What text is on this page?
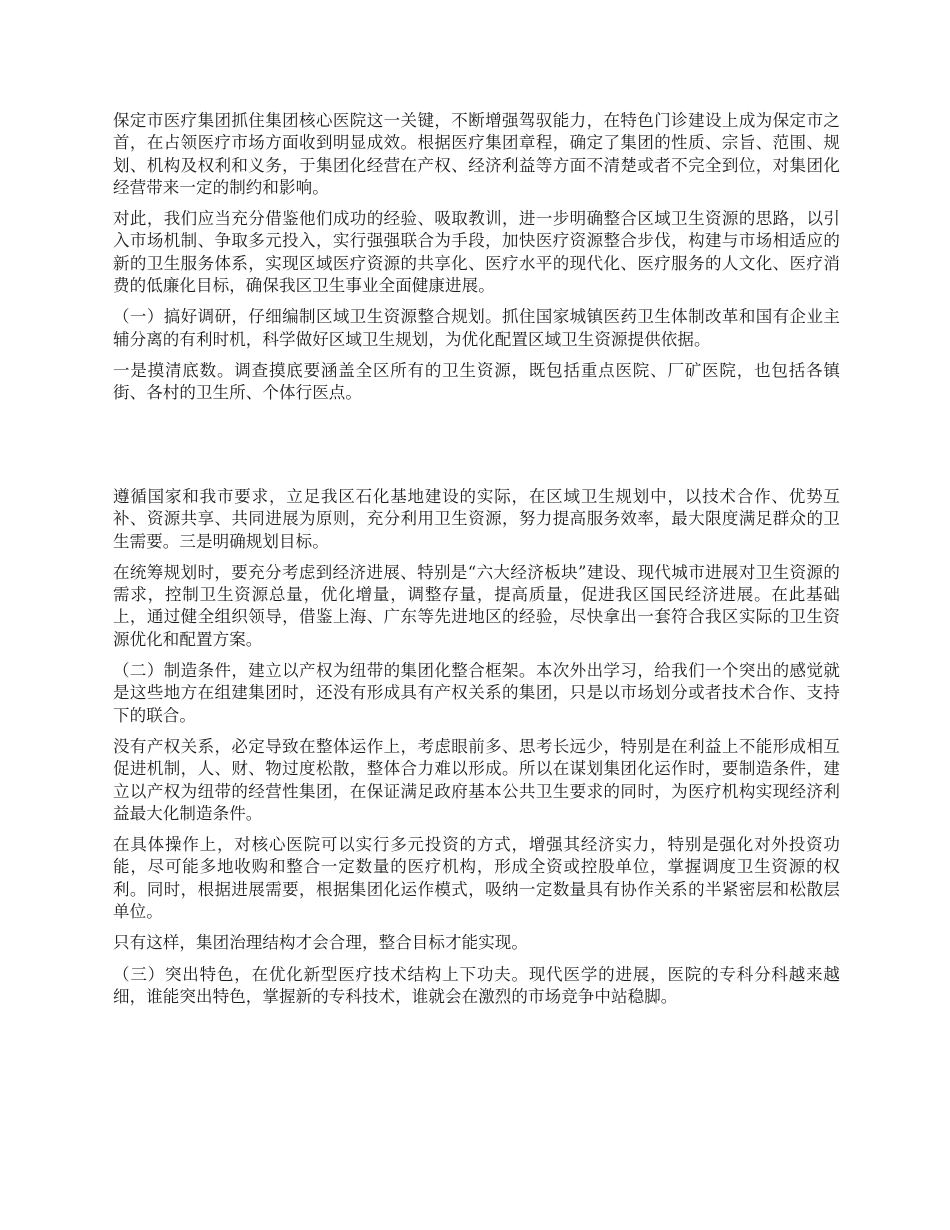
保定市医疗集团抓住集团核心医院这一关键，不断增强驾驭能力，在特色门诊建设上成为保定市之首，在占领医疗市场方面收到明显成效。根据医疗集团章程，确定了集团的性质、宗旨、范围、规划、机构及权利和义务，于集团化经营在产权、经济利益等方面不清楚或者不完全到位，对集团化经营带来一定的制约和影响。

对此，我们应当充分借鉴他们成功的经验、吸取教训，进一步明确整合区域卫生资源的思路，以引入市场机制、争取多元投入，实行强强联合为手段，加快医疗资源整合步伐，构建与市场相适应的新的卫生服务体系，实现区域医疗资源的共享化、医疗水平的现代化、医疗服务的人文化、医疗消费的低廉化目标，确保我区卫生事业全面健康进展。

（一）搞好调研，仔细编制区域卫生资源整合规划。抓住国家城镇医药卫生体制改革和国有企业主辅分离的有利时机，科学做好区域卫生规划，为优化配置区域卫生资源提供依据。

一是摸清底数。调查摸底要涵盖全区所有的卫生资源，既包括重点医院、厂矿医院，也包括各镇街、各村的卫生所、个体行医点。

遵循国家和我市要求，立足我区石化基地建设的实际，在区域卫生规划中，以技术合作、优势互补、资源共享、共同进展为原则，充分利用卫生资源，努力提高服务效率，最大限度满足群众的卫生需要。三是明确规划目标。

在统筹规划时，要充分考虑到经济进展、特别是“六大经济板块”建设、现代城市进展对卫生资源的需求，控制卫生资源总量，优化增量，调整存量，提高质量，促进我区国民经济进展。在此基础上，通过健全组织领导，借鉴上海、广东等先进地区的经验，尽快拿出一套符合我区实际的卫生资源优化和配置方案。

（二）制造条件，建立以产权为纽带的集团化整合框架。本次外出学习，给我们一个突出的感觉就是这些地方在组建集团时，还没有形成具有产权关系的集团，只是以市场划分或者技术合作、支持下的联合。

没有产权关系，必定导致在整体运作上，考虑眼前多、思考长远少，特别是在利益上不能形成相互促进机制，人、财、物过度松散，整体合力难以形成。所以在谋划集团化运作时，要制造条件，建立以产权为纽带的经营性集团，在保证满足政府基本公共卫生要求的同时，为医疗机构实现经济利益最大化制造条件。

在具体操作上，对核心医院可以实行多元投资的方式，增强其经济实力，特别是强化对外投资功能，尽可能多地收购和整合一定数量的医疗机构，形成全资或控股单位，掌握调度卫生资源的权利。同时，根据进展需要，根据集团化运作模式，吸纳一定数量具有协作关系的半紧密层和松散层单位。

只有这样，集团治理结构才会合理，整合目标才能实现。

（三）突出特色，在优化新型医疗技术结构上下功夫。现代医学的进展，医院的专科分科越来越细，谁能突出特色，掌握新的专科技术，谁就会在激烈的市场竞争中站稳脚。
